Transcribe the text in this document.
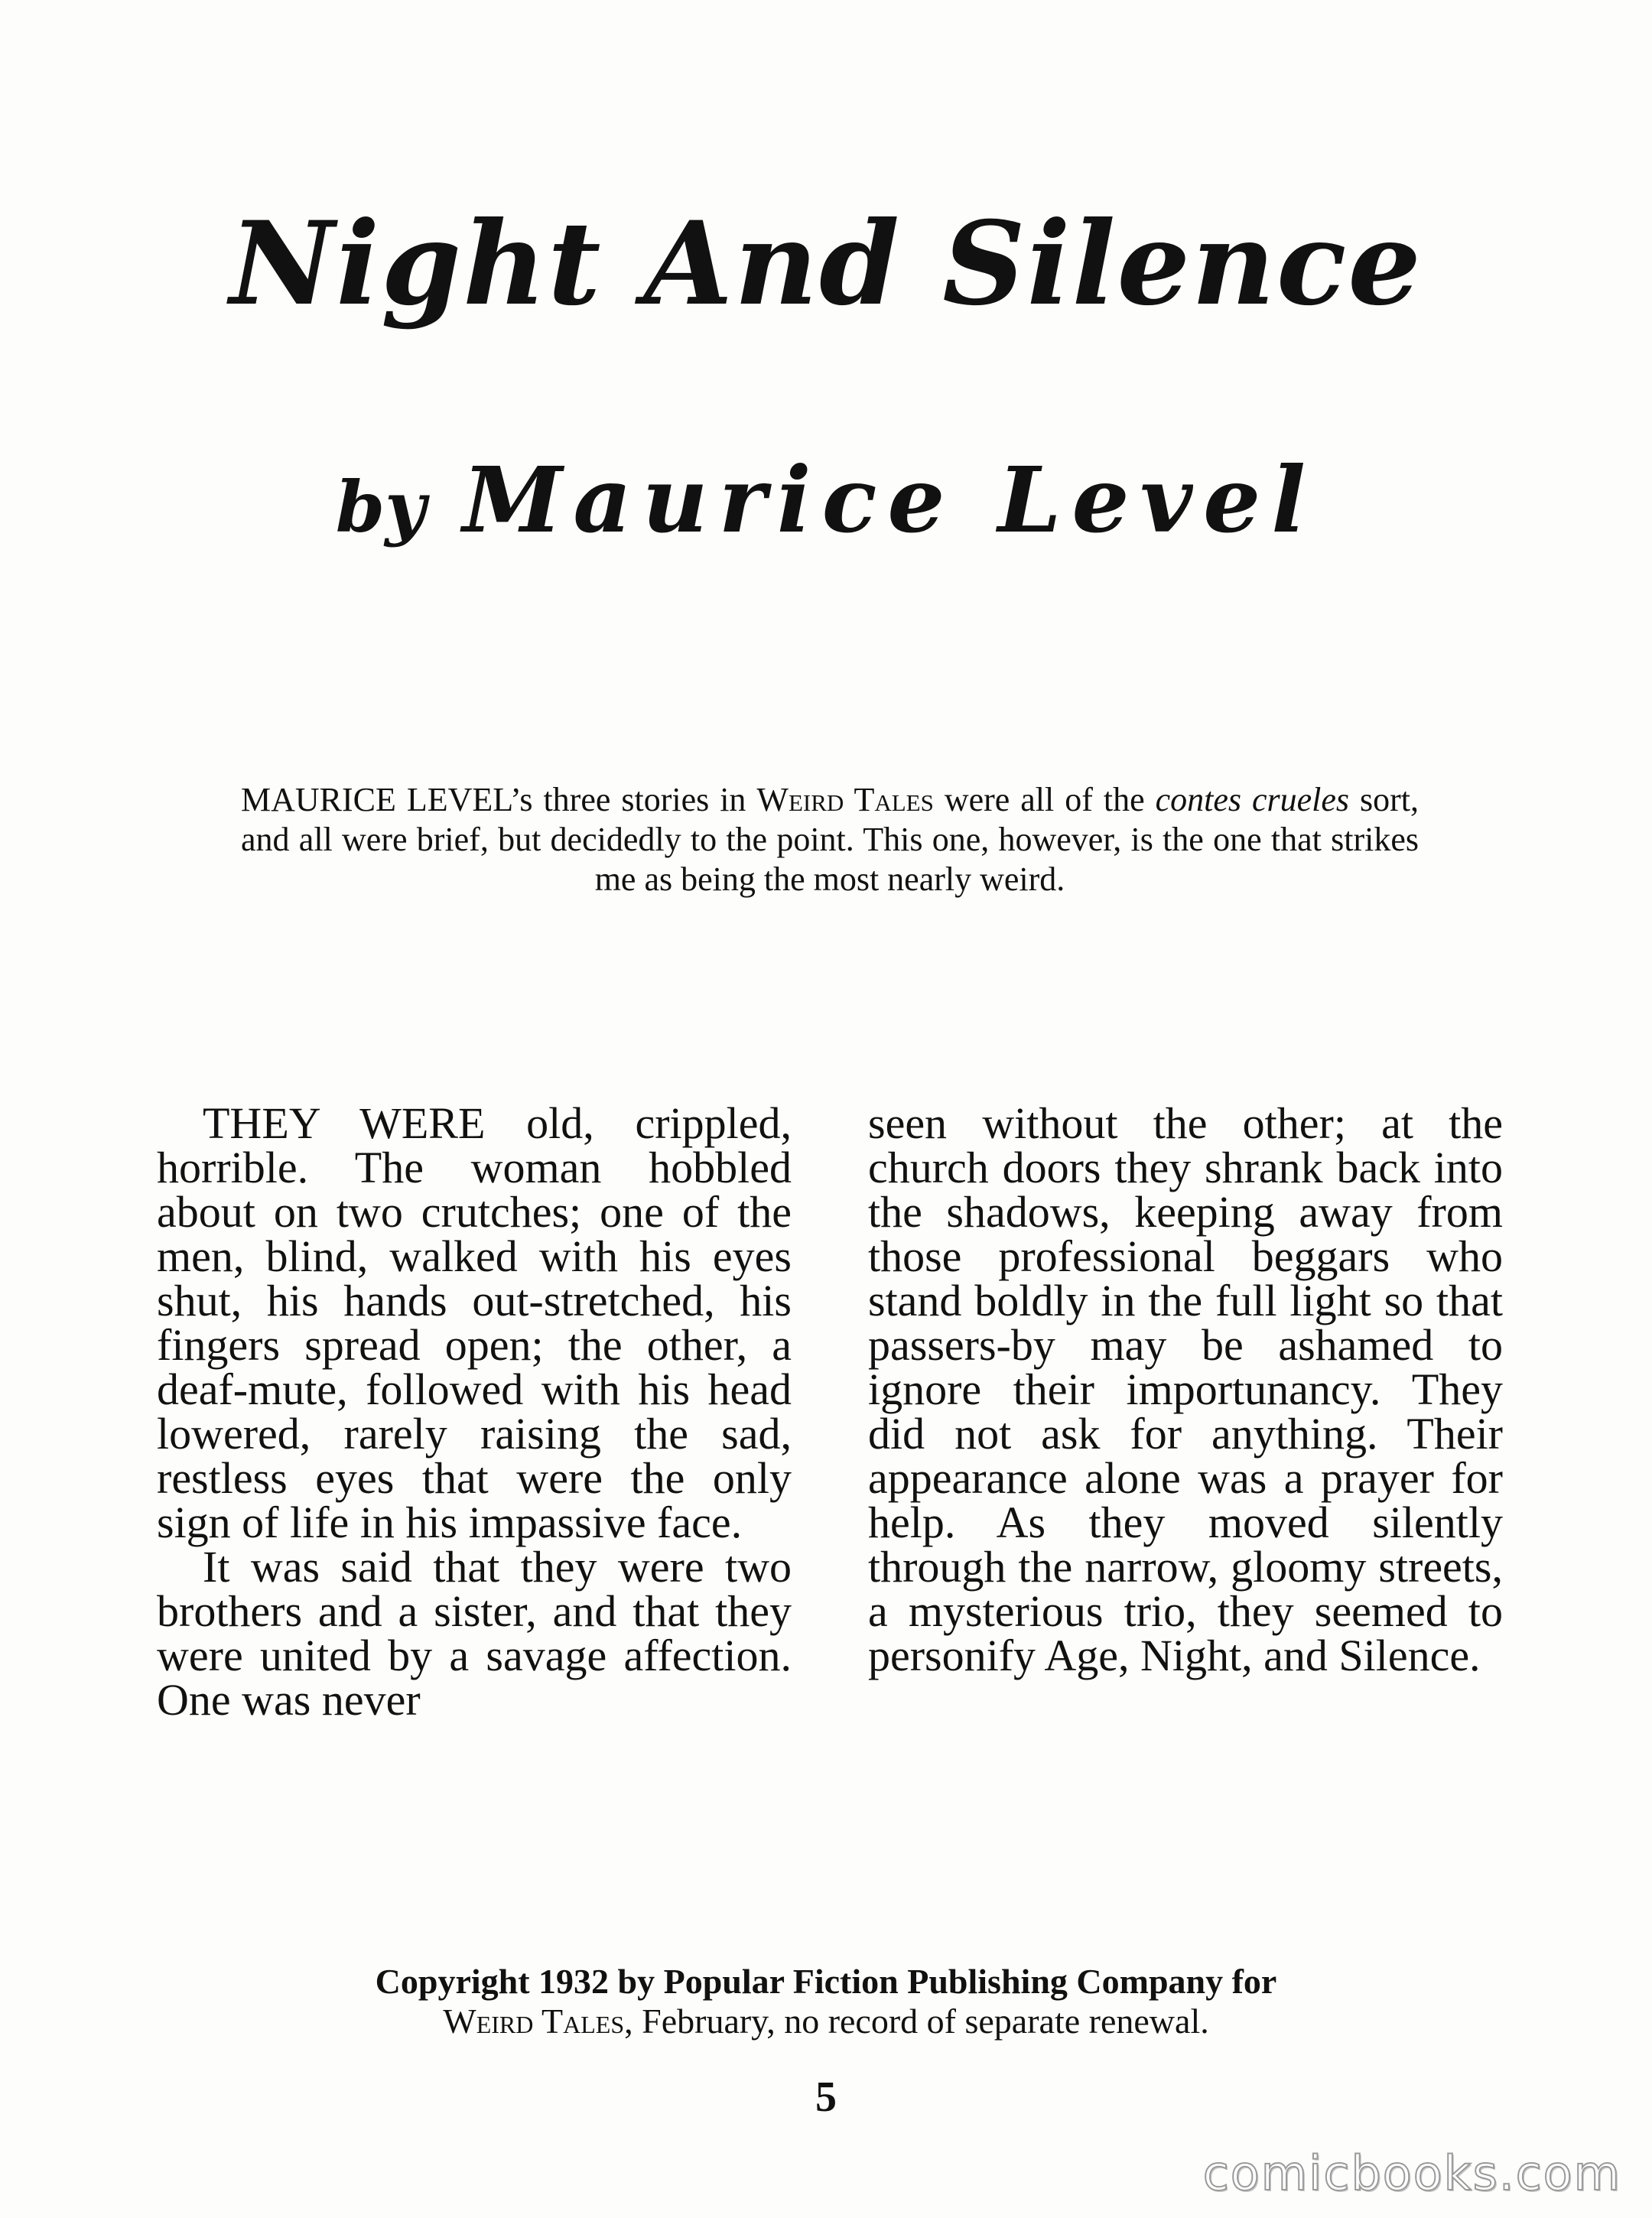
Night And Silence
by Maurice Level

MAURICE LEVEL’s three stories in Weird Tales were all of the contes crueles sort, and all were brief, but decidedly to the point. This one, however, is the one that strikes me as being the most nearly weird.

THEY WERE old, crippled, horrible. The woman hobbled about on two crutches; one of the men, blind, walked with his eyes shut, his hands out-stretched, his fingers spread open; the other, a deaf-mute, followed with his head lowered, rarely raising the sad, restless eyes that were the only sign of life in his impassive face.

It was said that they were two brothers and a sister, and that they were united by a savage affection. One was never

seen without the other; at the church doors they shrank back into the shadows, keeping away from those professional beggars who stand boldly in the full light so that passers-by may be ashamed to ignore their importunancy. They did not ask for anything. Their appearance alone was a prayer for help. As they moved silently through the narrow, gloomy streets, a mysterious trio, they seemed to personify Age, Night, and Silence.

Copyright 1932 by Popular Fiction Publishing Company for
Weird Tales, February, no record of separate renewal.
5
comicbooks.com
